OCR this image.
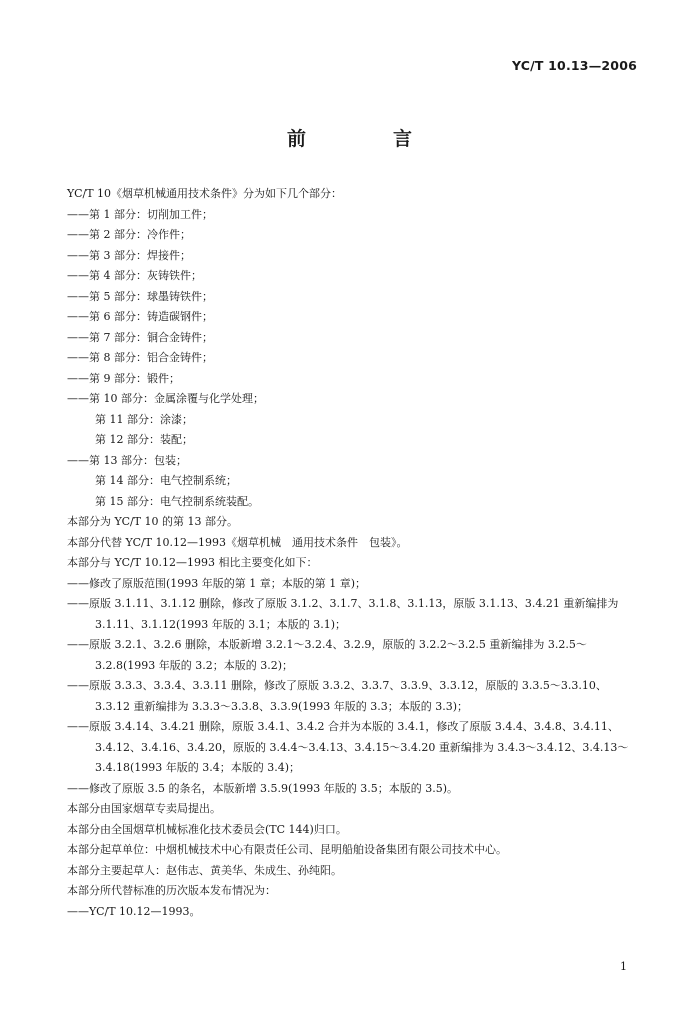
YC/T 10.13—2006
前　言

YC/T 10《烟草机械通用技术条件》分为如下几个部分：

——第 1 部分：切削加工件；

——第 2 部分：冷作件；

——第 3 部分：焊接件；

——第 4 部分：灰铸铁件；

——第 5 部分：球墨铸铁件；

——第 6 部分：铸造碳钢件；

——第 7 部分：铜合金铸件；

——第 8 部分：铝合金铸件；

——第 9 部分：锻件；

——第 10 部分：金属涂覆与化学处理；

第 11 部分：涂漆；

第 12 部分：装配；

——第 13 部分：包装；

第 14 部分：电气控制系统；

第 15 部分：电气控制系统装配。

本部分为 YC/T 10 的第 13 部分。

本部分代替 YC/T 10.12—1993《烟草机械　通用技术条件　包装》。

本部分与 YC/T 10.12—1993 相比主要变化如下：

——修改了原版范围(1993 年版的第 1 章；本版的第 1 章)；

——原版 3.1.11、3.1.12 删除，修改了原版 3.1.2、3.1.7、3.1.8、3.1.13，原版 3.1.13、3.4.21 重新编排为 3.1.11、3.1.12(1993 年版的 3.1；本版的 3.1)；

——原版 3.2.1、3.2.6 删除，本版新增 3.2.1～3.2.4、3.2.9，原版的 3.2.2～3.2.5 重新编排为 3.2.5～3.2.8(1993 年版的 3.2；本版的 3.2)；

——原版 3.3.3、3.3.4、3.3.11 删除，修改了原版 3.3.2、3.3.7、3.3.9、3.3.12，原版的 3.3.5～3.3.10、3.3.12 重新编排为 3.3.3～3.3.8、3.3.9(1993 年版的 3.3；本版的 3.3)；

——原版 3.4.14、3.4.21 删除，原版 3.4.1、3.4.2 合并为本版的 3.4.1，修改了原版 3.4.4、3.4.8、3.4.11、3.4.12、3.4.16、3.4.20，原版的 3.4.4～3.4.13、3.4.15～3.4.20 重新编排为 3.4.3～3.4.12、3.4.13～3.4.18(1993 年版的 3.4；本版的 3.4)；

——修改了原版 3.5 的条名，本版新增 3.5.9(1993 年版的 3.5；本版的 3.5)。

本部分由国家烟草专卖局提出。

本部分由全国烟草机械标准化技术委员会(TC 144)归口。

本部分起草单位：中烟机械技术中心有限责任公司、昆明船舶设备集团有限公司技术中心。

本部分主要起草人：赵伟志、黄美华、朱成生、孙纯阳。

本部分所代替标准的历次版本发布情况为：

——YC/T 10.12—1993。

1
